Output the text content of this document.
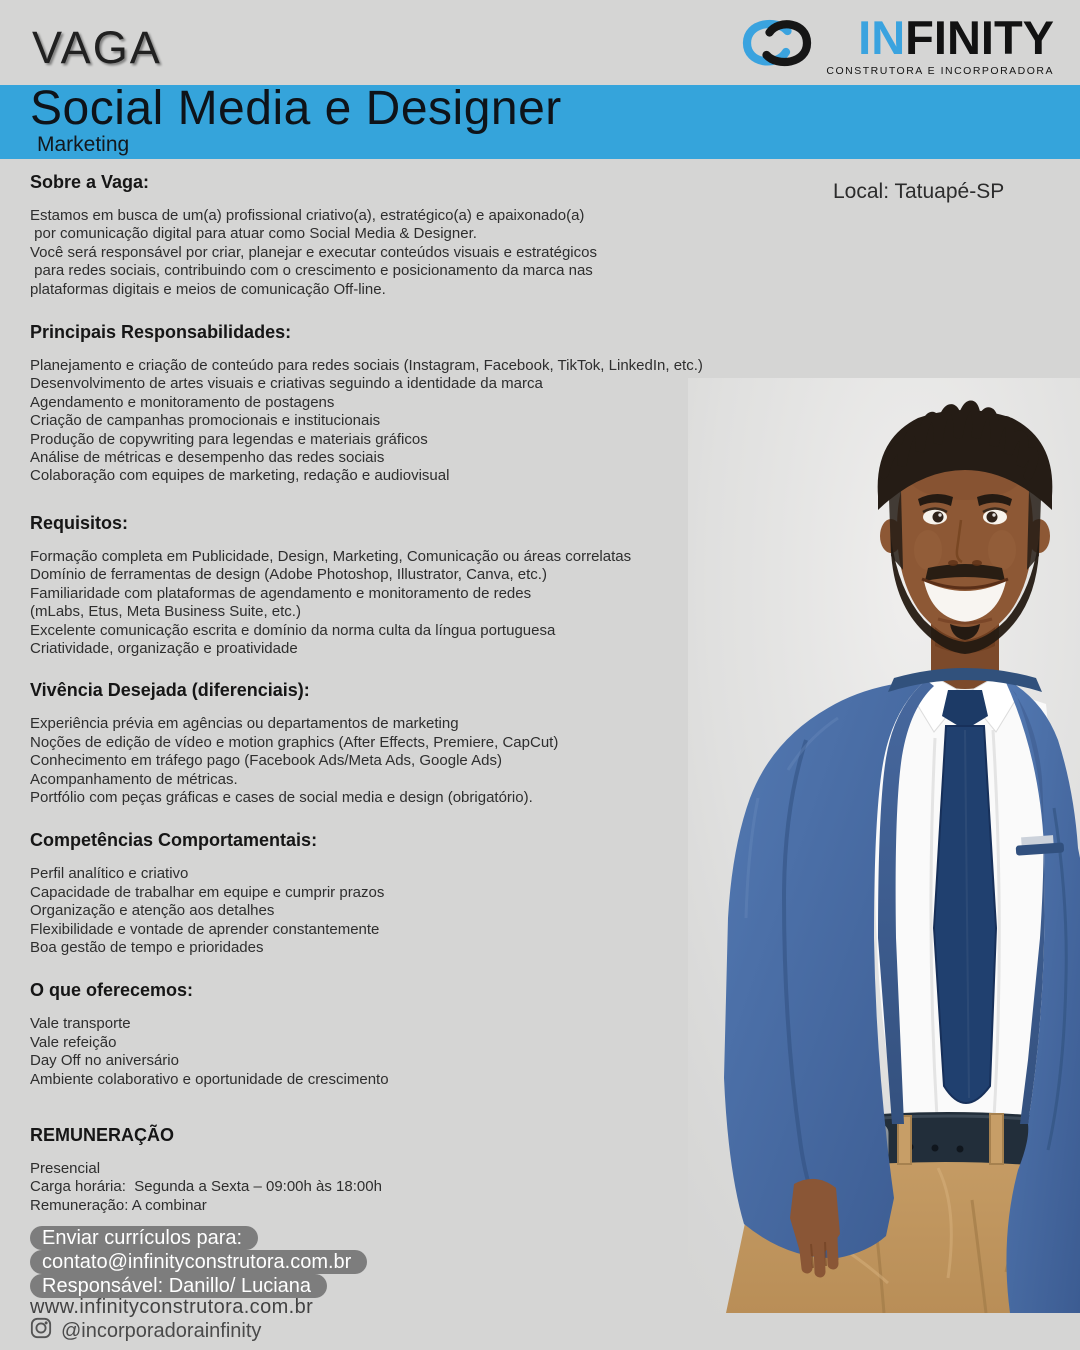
VAGA	INFINITY
CONSTRUTORA E INCORPORADORA
Social Media e Designer
Marketing
Local: Tatuapé-SP
Sobre a Vaga:
Estamos em busca de um(a) profissional criativo(a), estratégico(a) e apaixonado(a)
por comunicação digital para atuar como Social Media & Designer.
Você será responsável por criar, planejar e executar conteúdos visuais e estratégicos
para redes sociais, contribuindo com o crescimento e posicionamento da marca nas
plataformas digitais e meios de comunicação Off-line.
Principais Responsabilidades:
Planejamento e criação de conteúdo para redes sociais (Instagram, Facebook, TikTok, LinkedIn, etc.)
Desenvolvimento de artes visuais e criativas seguindo a identidade da marca
Agendamento e monitoramento de postagens
Criação de campanhas promocionais e institucionais
Produção de copywriting para legendas e materiais gráficos
Análise de métricas e desempenho das redes sociais
Colaboração com equipes de marketing, redação e audiovisual
Requisitos:
Formação completa em Publicidade, Design, Marketing, Comunicação ou áreas correlatas
Domínio de ferramentas de design (Adobe Photoshop, Illustrator, Canva, etc.)
Familiaridade com plataformas de agendamento e monitoramento de redes
(mLabs, Etus, Meta Business Suite, etc.)
Excelente comunicação escrita e domínio da norma culta da língua portuguesa
Criatividade, organização e proatividade
Vivência Desejada (diferenciais):
Experiência prévia em agências ou departamentos de marketing
Noções de edição de vídeo e motion graphics (After Effects, Premiere, CapCut)
Conhecimento em tráfego pago (Facebook Ads/Meta Ads, Google Ads)
Acompanhamento de métricas.
Portfólio com peças gráficas e cases de social media e design (obrigatório).
Competências Comportamentais:
Perfil analítico e criativo
Capacidade de trabalhar em equipe e cumprir prazos
Organização e atenção aos detalhes
Flexibilidade e vontade de aprender constantemente
Boa gestão de tempo e prioridades
O que oferecemos:
Vale transporte
Vale refeição
Day Off no aniversário
Ambiente colaborativo e oportunidade de crescimento
REMUNERAÇÃO
Presencial
Carga horária:  Segunda a Sexta – 09:00h às 18:00h
Remuneração: A combinar
Enviar currículos para:
contato@infinityconstrutora.com.br
Responsável: Danillo/ Luciana
www.infinityconstrutora.com.br
@incorporadorainfinity
